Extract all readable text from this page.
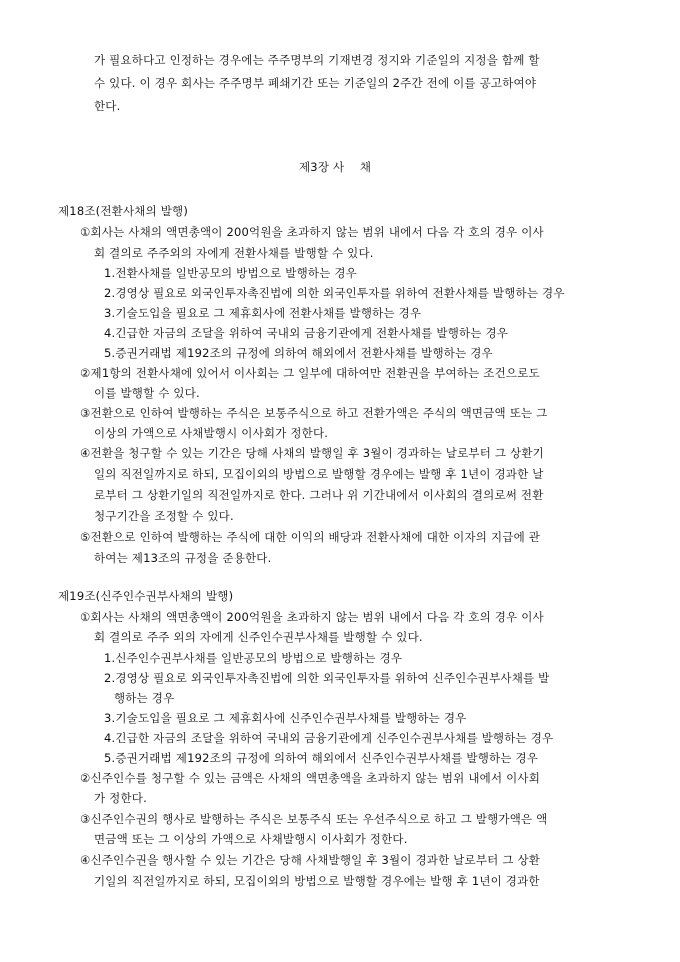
가 필요하다고 인정하는 경우에는 주주명부의 기재변경 정지와 기준일의 지정을 함께 할
수 있다. 이 경우 회사는 주주명부 폐쇄기간 또는 기준일의 2주간 전에 이를 공고하여야
한다.
제3장 사　 채
제18조(전환사채의 발행)
①회사는 사채의 액면총액이 200억원을 초과하지 않는 범위 내에서 다음 각 호의 경우 이사
회 결의로 주주외의 자에게 전환사채를 발행할 수 있다.
1.전환사채를 일반공모의 방법으로 발행하는 경우
2.경영상 필요로 외국인투자촉진법에 의한 외국인투자를 위하여 전환사채를 발행하는 경우
3.기술도입을 필요로 그 제휴회사에 전환사채를 발행하는 경우
4.긴급한 자금의 조달을 위하여 국내외 금융기관에게 전환사채를 발행하는 경우
5.증권거래법 제192조의 규정에 의하여 해외에서 전환사채를 발행하는 경우
②제1항의 전환사채에 있어서 이사회는 그 일부에 대하여만 전환권을 부여하는 조건으로도
이를 발행할 수 있다.
③전환으로 인하여 발행하는 주식은 보통주식으로 하고 전환가액은 주식의 액면금액 또는 그
이상의 가액으로 사채발행시 이사회가 정한다.
④전환을 청구할 수 있는 기간은 당해 사채의 발행일 후 3월이 경과하는 날로부터 그 상환기
일의 직전일까지로 하되, 모집이외의 방법으로 발행할 경우에는 발행 후 1년이 경과한 날
로부터 그 상환기일의 직전일까지로 한다. 그러나 위 기간내에서 이사회의 결의로써 전환
청구기간을 조정할 수 있다.
⑤전환으로 인하여 발행하는 주식에 대한 이익의 배당과 전환사채에 대한 이자의 지급에 관
하여는 제13조의 규정을 준용한다.
제19조(신주인수권부사채의 발행)
①회사는 사채의 액면총액이 200억원을 초과하지 않는 범위 내에서 다음 각 호의 경우 이사
회 결의로 주주 외의 자에게 신주인수권부사채를 발행할 수 있다.
1.신주인수권부사채를 일반공모의 방법으로 발행하는 경우
2.경영상 필요로 외국인투자촉진법에 의한 외국인투자를 위하여 신주인수권부사채를 발
행하는 경우
3.기술도입을 필요로 그 제휴회사에 신주인수권부사채를 발행하는 경우
4.긴급한 자금의 조달을 위하여 국내외 금융기관에게 신주인수권부사채를 발행하는 경우
5.증권거래법 제192조의 규정에 의하여 해외에서 신주인수권부사채를 발행하는 경우
②신주인수를 청구할 수 있는 금액은 사채의 액면총액을 초과하지 않는 범위 내에서 이사회
가 정한다.
③신주인수권의 행사로 발행하는 주식은 보통주식 또는 우선주식으로 하고 그 발행가액은 액
면금액 또는 그 이상의 가액으로 사채발행시 이사회가 정한다.
④신주인수권을 행사할 수 있는 기간은 당해 사채발행일 후 3월이 경과한 날로부터 그 상환
기일의 직전일까지로 하되, 모집이외의 방법으로 발행할 경우에는 발행 후 1년이 경과한
